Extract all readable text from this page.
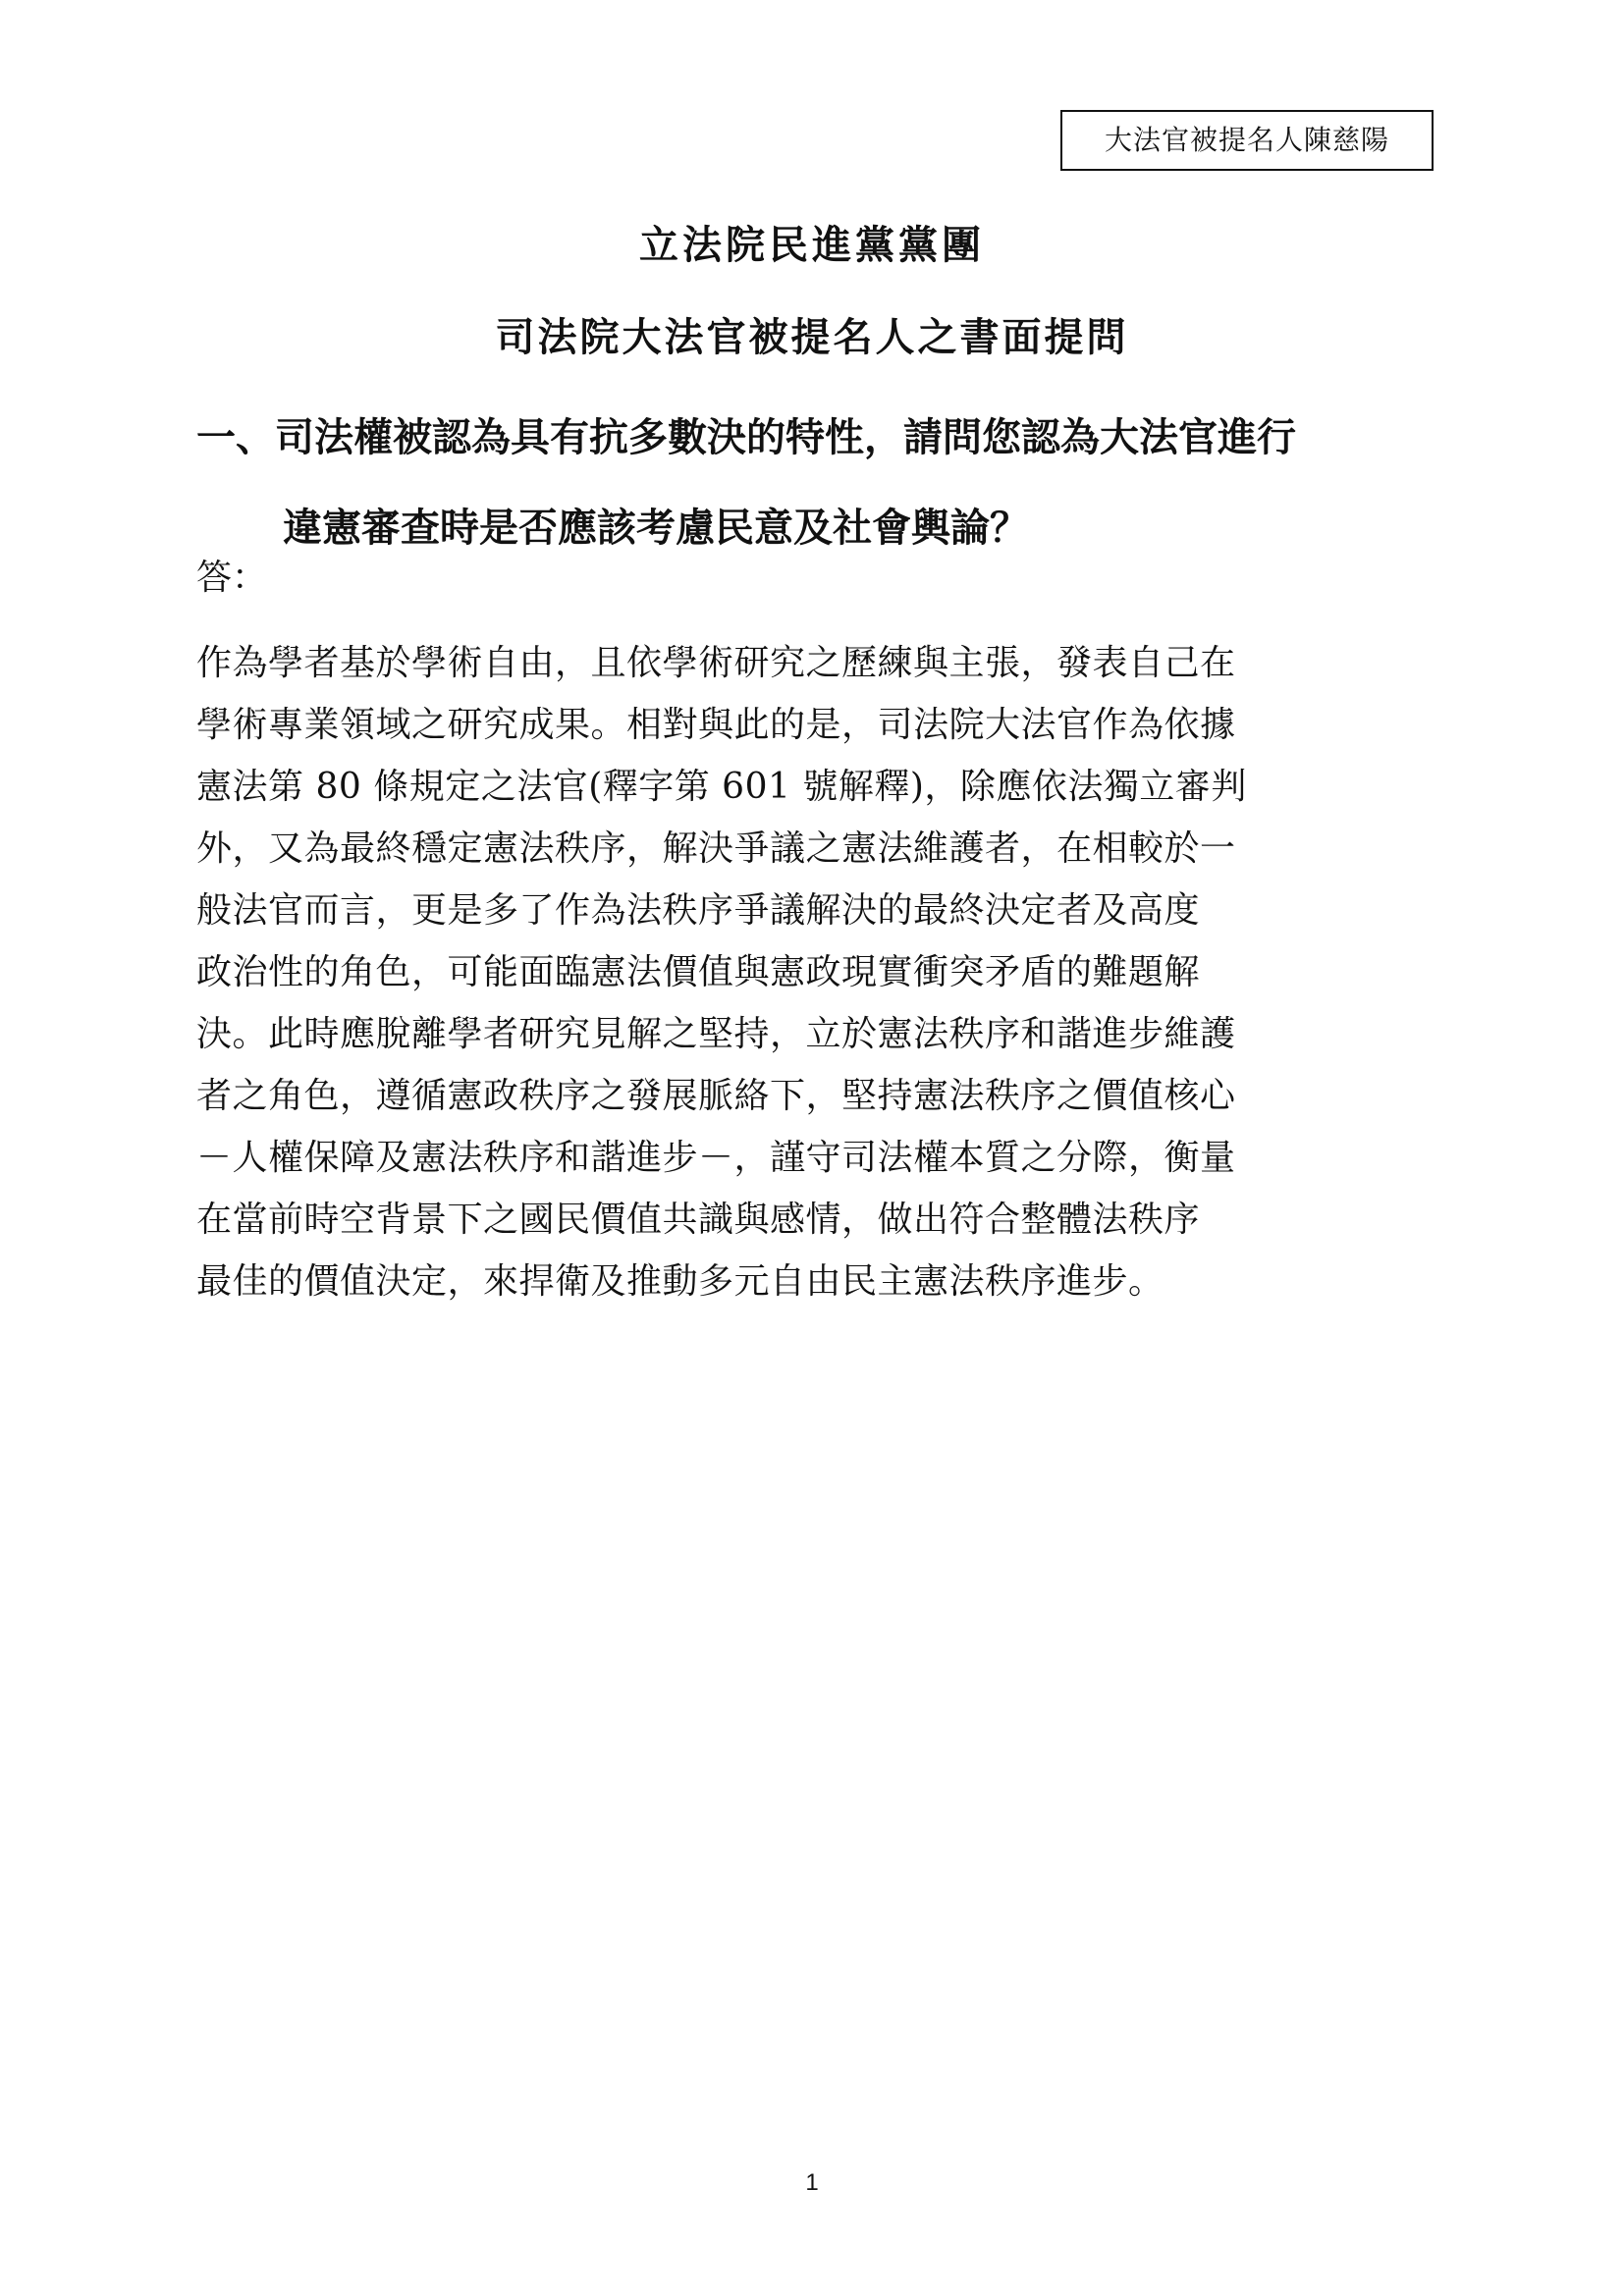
大法官被提名人陳慈陽
立法院民進黨黨團
司法院大法官被提名人之書面提問
一、司法權被認為具有抗多數決的特性，請問您認為大法官進行
違憲審查時是否應該考慮民意及社會輿論？
答：
作為學者基於學術自由，且依學術研究之歷練與主張，發表自己在
學術專業領域之研究成果。相對與此的是，司法院大法官作為依據
憲法第 80 條規定之法官(釋字第 601 號解釋)，除應依法獨立審判
外，又為最終穩定憲法秩序，解決爭議之憲法維護者，在相較於一
般法官而言，更是多了作為法秩序爭議解決的最終決定者及高度
政治性的角色，可能面臨憲法價值與憲政現實衝突矛盾的難題解
決。此時應脫離學者研究見解之堅持，立於憲法秩序和諧進步維護
者之角色，遵循憲政秩序之發展脈絡下，堅持憲法秩序之價值核心
－人權保障及憲法秩序和諧進步－，謹守司法權本質之分際，衡量
在當前時空背景下之國民價值共識與感情，做出符合整體法秩序
最佳的價值決定，來捍衛及推動多元自由民主憲法秩序進步。
1
